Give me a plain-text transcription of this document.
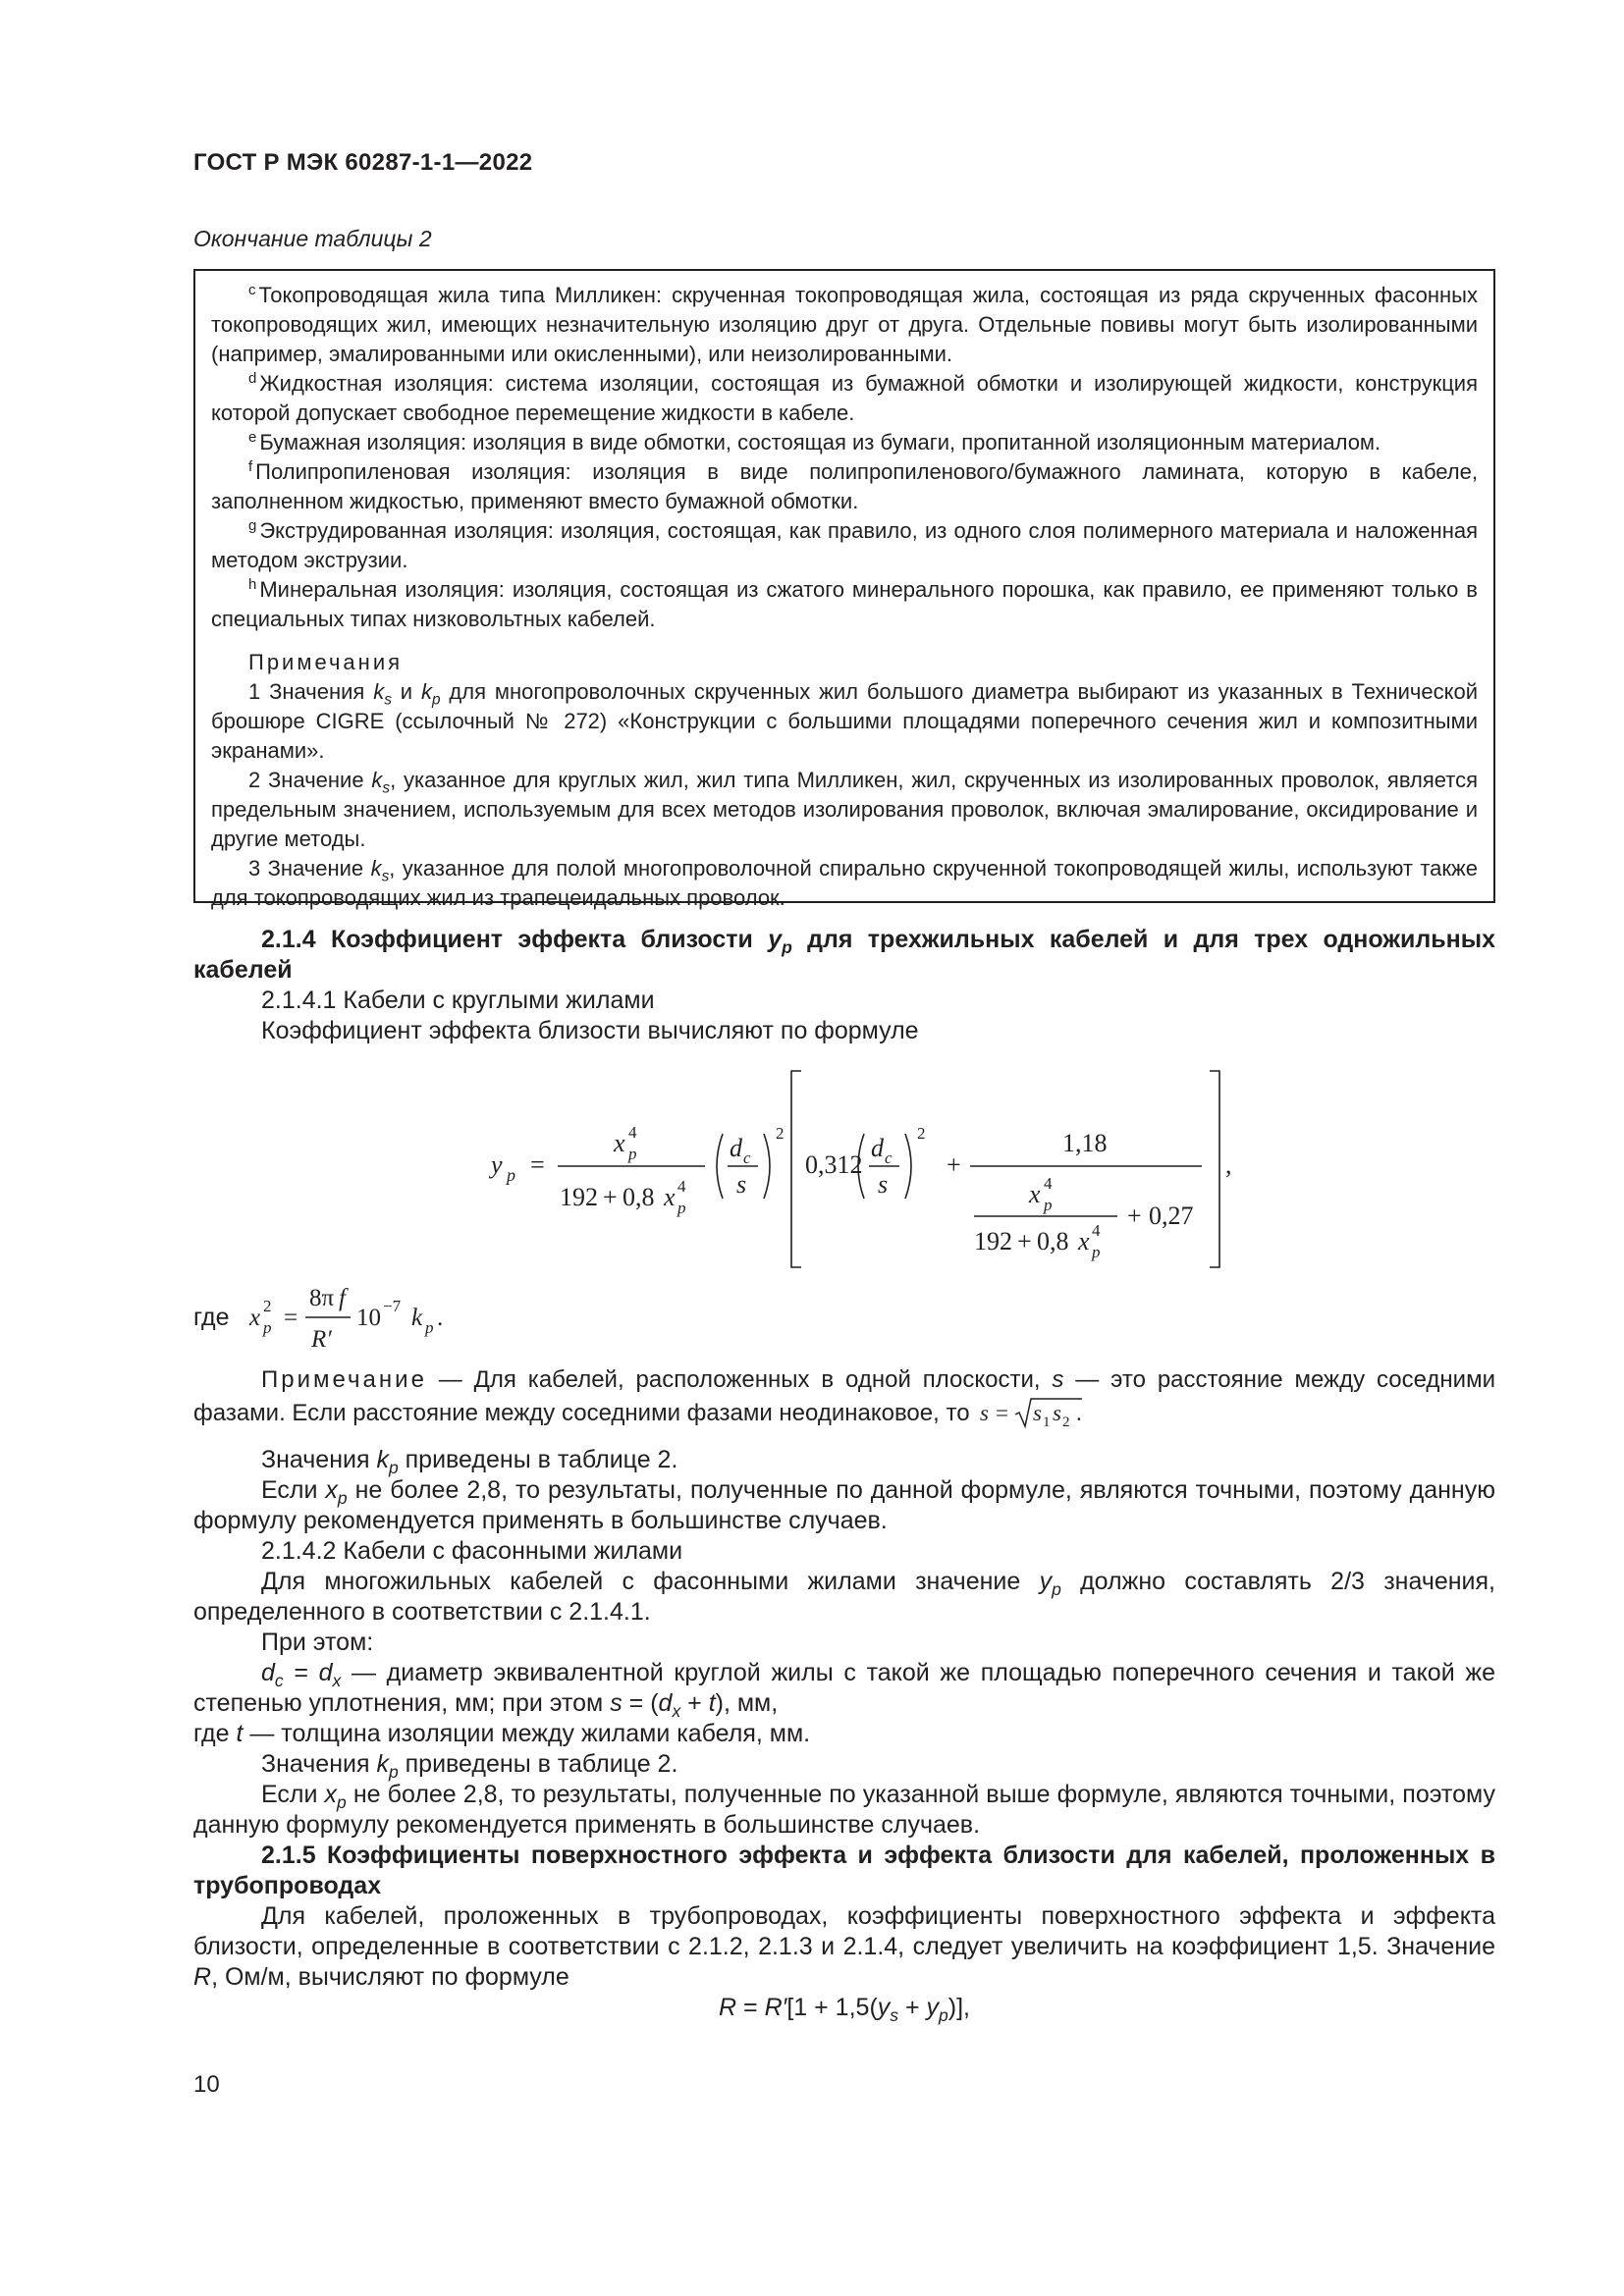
ГОСТ Р МЭК 60287-1-1—2022
Окончание таблицы 2

$^c$ Токопроводящая жила типа Милликен: скрученная токопроводящая жила, состоящая из ряда скрученных фасонных токопроводящих жил, имеющих незначительную изоляцию друг от друга. Отдельные повивы могут быть изолированными (например, эмалированными или окисленными), или неизолированными.

$^d$ Жидкостная изоляция: система изоляции, состоящая из бумажной обмотки и изолирующей жидкости, конструкция которой допускает свободное перемещение жидкости в кабеле.

$^e$ Бумажная изоляция: изоляция в виде обмотки, состоящая из бумаги, пропитанной изоляционным материалом.

$^f$ Полипропиленовая изоляция: изоляция в виде полипропиленового/бумажного ламината, которую в кабеле, заполненном жидкостью, применяют вместо бумажной обмотки.

$^g$ Экструдированная изоляция: изоляция, состоящая, как правило, из одного слоя полимерного материала и наложенная методом экструзии.

$^h$ Минеральная изоляция: изоляция, состоящая из сжатого минерального порошка, как правило, ее применяют только в специальных типах низковольтных кабелей.

Примечания

1 Значения $k_s$ и $k_p$ для многопроволочных скрученных жил большого диаметра выбирают из указанных в Технической брошюре CIGRE (ссылочный № 272) «Конструкции с большими площадями поперечного сечения жил и композитными экранами».

2 Значение $k_s$, указанное для круглых жил, жил типа Милликен, жил, скрученных из изолированных проволок, является предельным значением, используемым для всех методов изолирования проволок, включая эмалирование, оксидирование и другие методы.

3 Значение $k_s$, указанное для полой многопроволочной спирально скрученной токопроводящей жилы, используют также для токопроводящих жил из трапецеидальных проволок.

2.1.4 Коэффициент эффекта близости $y_p$ для трехжильных кабелей и для трех одножильных кабелей

2.1.4.1 Кабели с круглыми жилами

Коэффициент эффекта близости вычисляют по формуле

y p =
x 4
p
192 + 0,8 x 4
p
d c
s
2
0,312
d c
s
2
+
1,18
x 4
p
192 + 0,8 x 4
p
+ 0,27
,
где x 2
p =
8π f
R′
10 −7 k p .

Примечание — Для кабелей, расположенных в одной плоскости, s — это расстояние между соседними фазами. Если расстояние между соседними фазами неодинаковое, то s = s 1 s 2 .

Значения $k_p$ приведены в таблице 2.

Если $x_p$ не более 2,8, то результаты, полученные по данной формуле, являются точными, поэтому данную формулу рекомендуется применять в большинстве случаев.

2.1.4.2 Кабели с фасонными жилами

Для многожильных кабелей с фасонными жилами значение $y_p$ должно составлять 2/3 значения, определенного в соответствии с 2.1.4.1.

При этом:

$d_c = d_x$ — диаметр эквивалентной круглой жилы с такой же площадью поперечного сечения и такой же степенью уплотнения, мм; при этом $s = (d_x + t)$, мм,

где t — толщина изоляции между жилами кабеля, мм.

Значения $k_p$ приведены в таблице 2.

Если $x_p$ не более 2,8, то результаты, полученные по указанной выше формуле, являются точными, поэтому данную формулу рекомендуется применять в большинстве случаев.

2.1.5 Коэффициенты поверхностного эффекта и эффекта близости для кабелей, проложенных в трубопроводах

Для кабелей, проложенных в трубопроводах, коэффициенты поверхностного эффекта и эффекта близости, определенные в соответствии с 2.1.2, 2.1.3 и 2.1.4, следует увеличить на коэффициент 1,5. Значение R, Ом/м, вычисляют по формуле

$R = R'[1 + 1,5(y_s + y_p)]$,

10
